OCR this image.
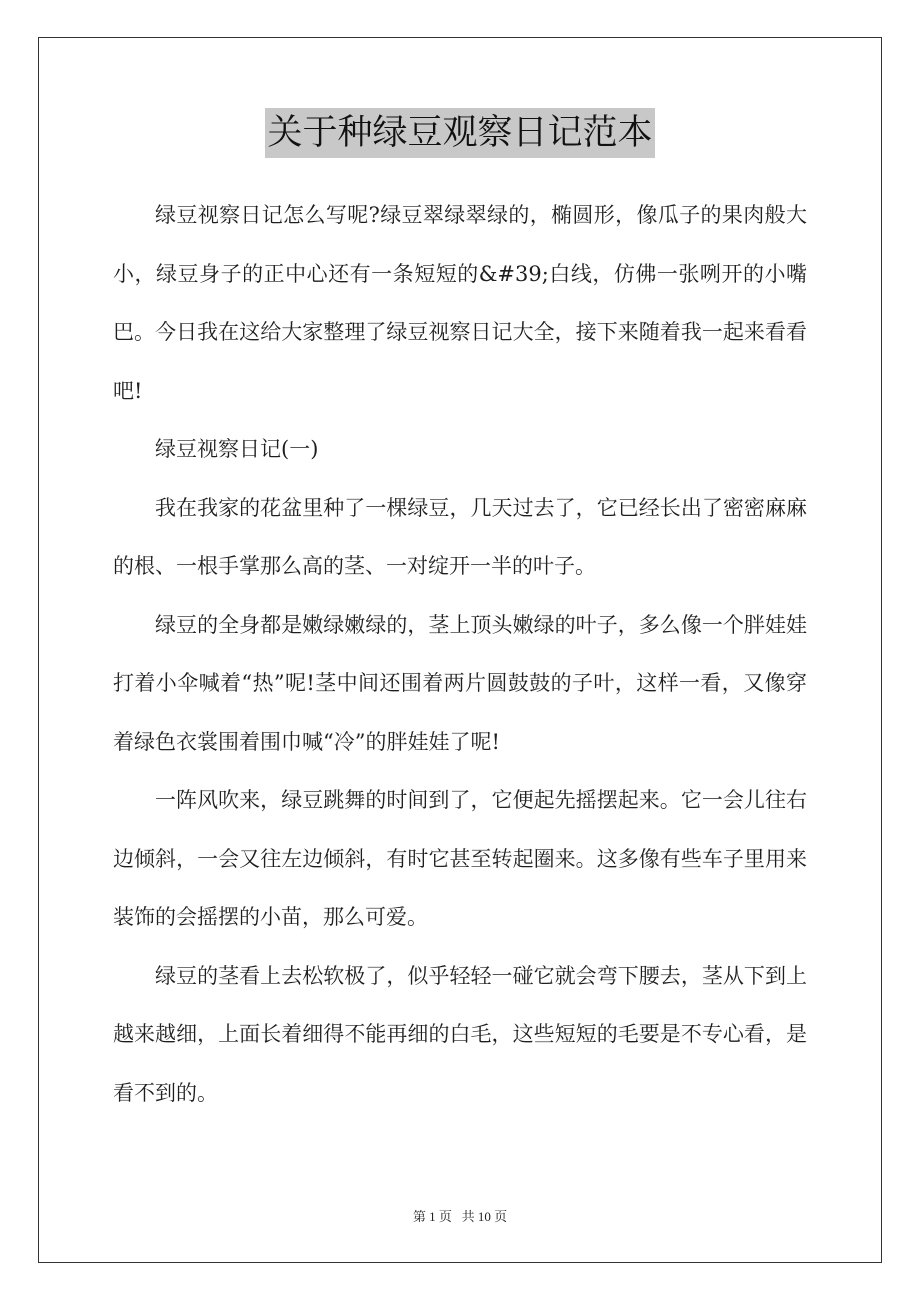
关于种绿豆观察日记范本

绿豆视察日记怎么写呢?绿豆翠绿翠绿的，椭圆形，像瓜子的果肉般大小，绿豆身子的正中心还有一条短短的&#39;白线，仿佛一张咧开的小嘴巴。今日我在这给大家整理了绿豆视察日记大全，接下来随着我一起来看看吧!

绿豆视察日记(一)

我在我家的花盆里种了一棵绿豆，几天过去了，它已经长出了密密麻麻的根、一根手掌那么高的茎、一对绽开一半的叶子。

绿豆的全身都是嫩绿嫩绿的，茎上顶头嫩绿的叶子，多么像一个胖娃娃打着小伞喊着“热”呢!茎中间还围着两片圆鼓鼓的子叶，这样一看，又像穿着绿色衣裳围着围巾喊“冷”的胖娃娃了呢!

一阵风吹来，绿豆跳舞的时间到了，它便起先摇摆起来。它一会儿往右边倾斜，一会又往左边倾斜，有时它甚至转起圈来。这多像有些车子里用来装饰的会摇摆的小苗，那么可爱。

绿豆的茎看上去松软极了，似乎轻轻一碰它就会弯下腰去，茎从下到上越来越细，上面长着细得不能再细的白毛，这些短短的毛要是不专心看，是看不到的。

第 1 页 共 10 页
